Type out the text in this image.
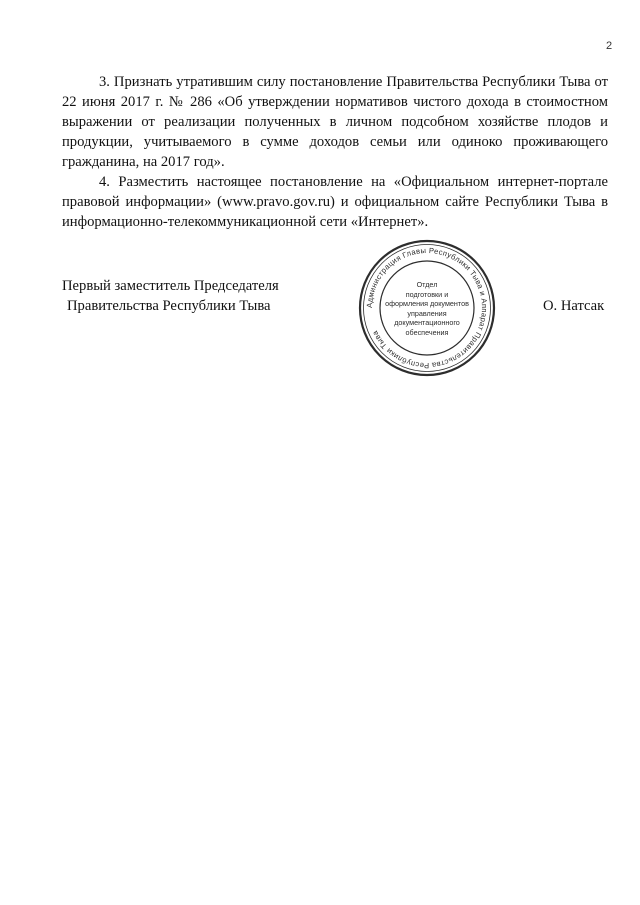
2

3. Признать утратившим силу постановление Правительства Республики Тыва от 22 июня 2017 г. № 286 «Об утверждении нормативов чистого дохода в стоимостном выражении от реализации полученных в личном подсобном хозяйстве плодов и продукции, учитываемого в сумме доходов семьи или одиноко проживающего гражданина, на 2017 год».

4. Разместить настоящее постановление на «Официальном интернет-портале правовой информации» (www.pravo.gov.ru) и официальном сайте Республики Тыва в информационно-телекоммуникационной сети «Интернет».

Первый заместитель Председателя
Правительства Республики Тыва	О. Натсак
Администрация Главы Республики Тыва и Аппарат Правительства Республики Тыва
Отдел
подготовки и
оформления документов
управления
документационного
обеспечения
